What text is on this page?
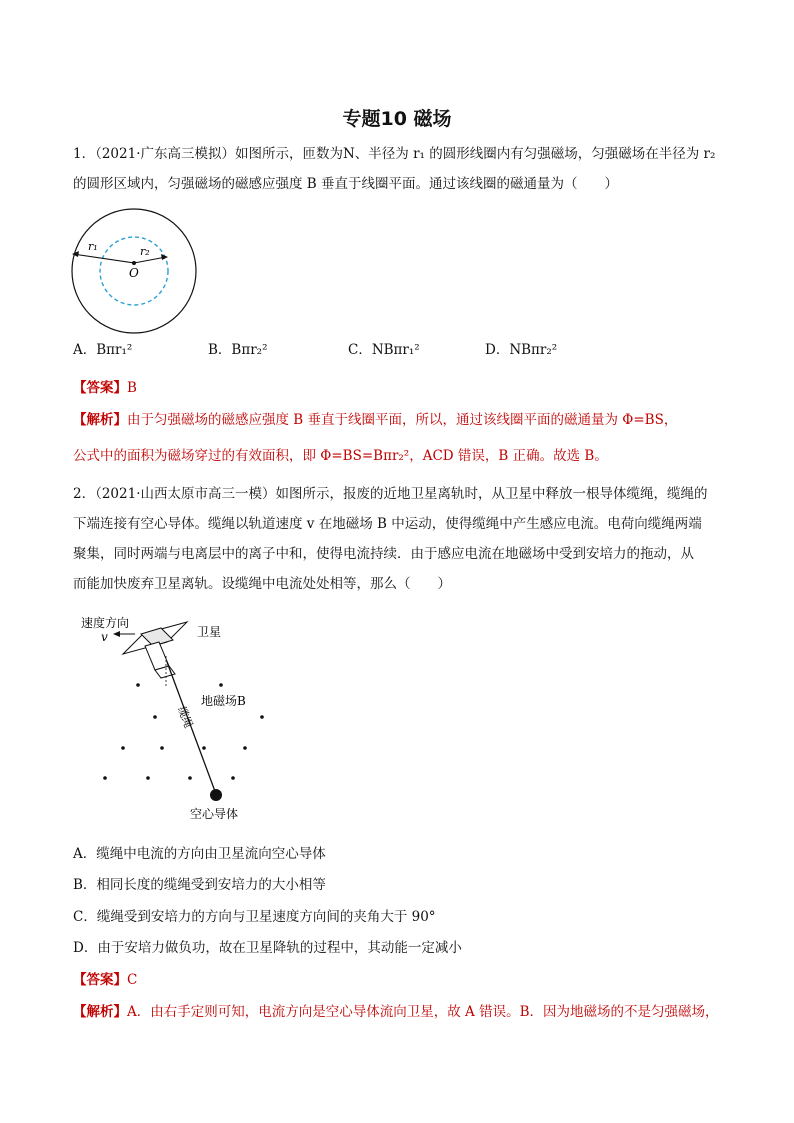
专题10 磁场
1．（2021·广东高三模拟）如图所示，匝数为N、半径为 r₁ 的圆形线圈内有匀强磁场，匀强磁场在半径为 r₂
的圆形区域内，匀强磁场的磁感应强度 B 垂直于线圈平面。通过该线圈的磁通量为（　　）
r₁	r₂
O
A．Bπr₁²	B．Bπr₂²	C．NBπr₁²	D．NBπr₂²
【答案】B
【解析】由于匀强磁场的磁感应强度 B 垂直于线圈平面，所以，通过该线圈平面的磁通量为 Φ=BS，
公式中的面积为磁场穿过的有效面积，即 Φ=BS=Bπr₂²，ACD 错误，B 正确。故选 B。
2．（2021·山西太原市高三一模）如图所示，报废的近地卫星离轨时，从卫星中释放一根导体缆绳，缆绳的
下端连接有空心导体。缆绳以轨道速度 v 在地磁场 B 中运动，使得缆绳中产生感应电流。电荷向缆绳两端
聚集，同时两端与电离层中的离子中和，使得电流持续．由于感应电流在地磁场中受到安培力的拖动，从
而能加快废弃卫星离轨。设缆绳中电流处处相等，那么（　　）
速度方向
v	卫星
缆绳
地磁场B
空心导体
A．缆绳中电流的方向由卫星流向空心导体
B．相同长度的缆绳受到安培力的大小相等
C．缆绳受到安培力的方向与卫星速度方向间的夹角大于 90°
D．由于安培力做负功，故在卫星降轨的过程中，其动能一定减小
【答案】C
【解析】A．由右手定则可知，电流方向是空心导体流向卫星，故 A 错误。B．因为地磁场的不是匀强磁场，
